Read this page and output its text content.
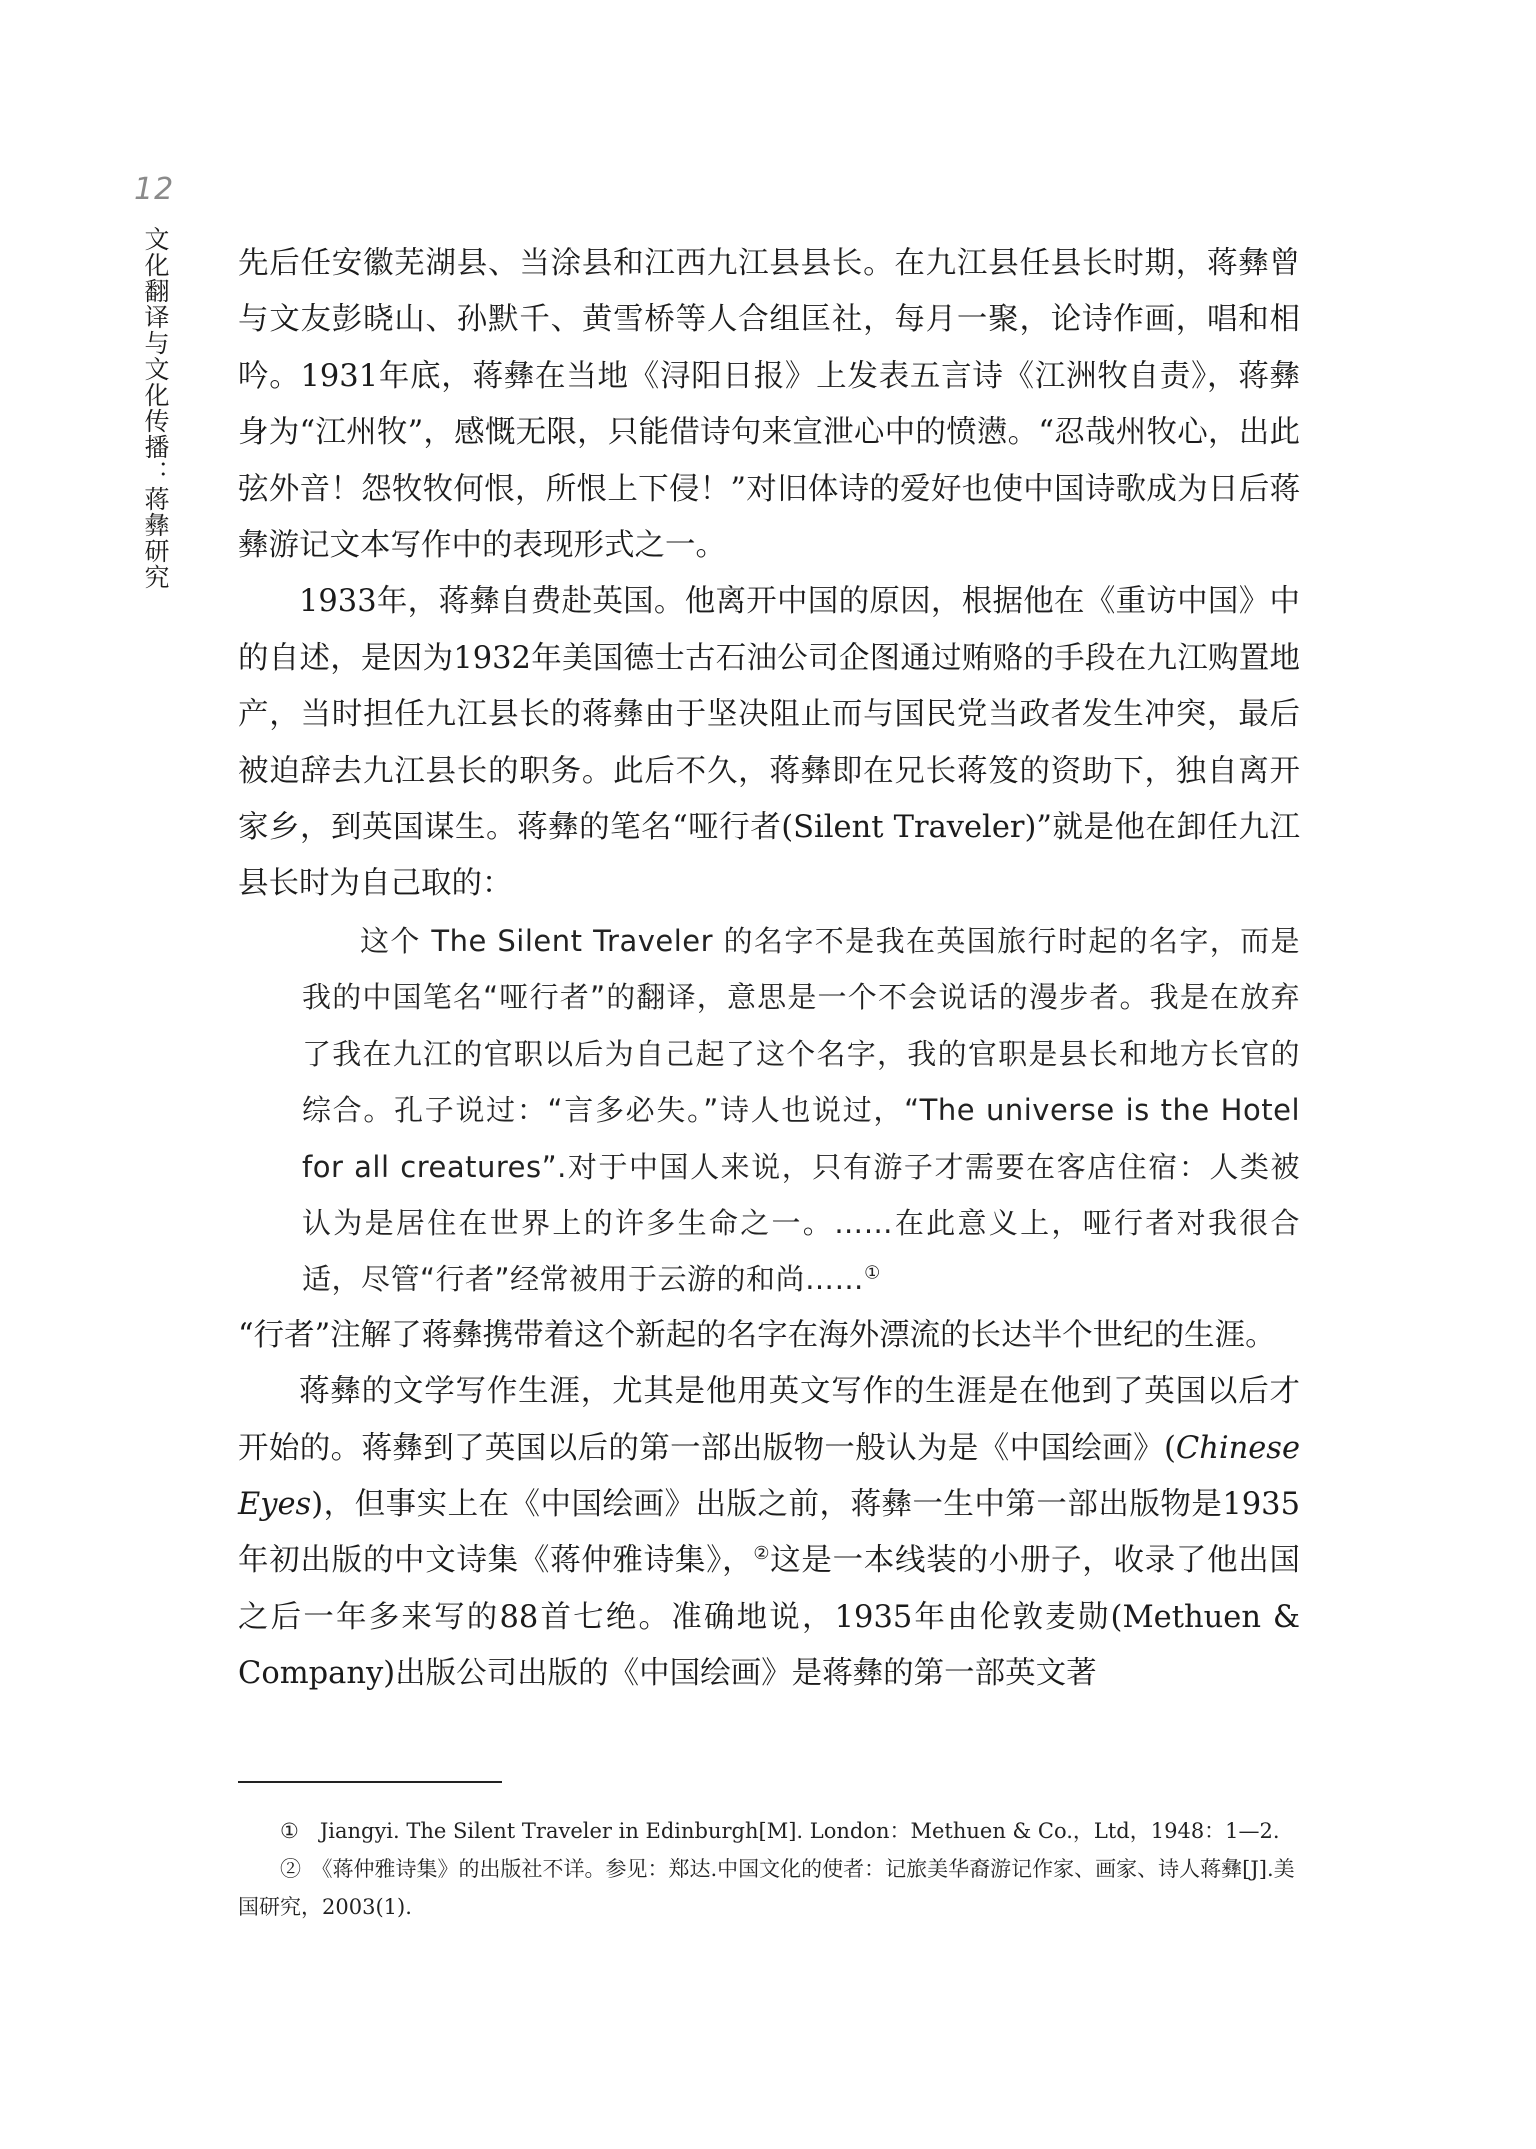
12
文化翻译与文化传播：蒋彝研究 先后任安徽芜湖县、当涂县和江西九江县县长。在九江县任县长时期，蒋彝曾与文友彭晓山、孙默千、黄雪桥等人合组匡社，每月一聚，论诗作画，唱和相吟。1931年底，蒋彝在当地《浔阳日报》上发表五言诗《江洲牧自责》，蒋彝身为“江州牧”，感慨无限，只能借诗句来宣泄心中的愤懑。“忍哉州牧心，出此弦外音！怨牧牧何恨，所恨上下侵！”对旧体诗的爱好也使中国诗歌成为日后蒋彝游记文本写作中的表现形式之一。

1933年，蒋彝自费赴英国。他离开中国的原因，根据他在《重访中国》中的自述，是因为1932年美国德士古石油公司企图通过贿赂的手段在九江购置地产，当时担任九江县长的蒋彝由于坚决阻止而与国民党当政者发生冲突，最后被迫辞去九江县长的职务。此后不久，蒋彝即在兄长蒋笈的资助下，独自离开家乡，到英国谋生。蒋彝的笔名“哑行者(Silent Traveler)”就是他在卸任九江县长时为自己取的：

这个 The Silent Traveler 的名字不是我在英国旅行时起的名字，而是我的中国笔名“哑行者”的翻译，意思是一个不会说话的漫步者。我是在放弃了我在九江的官职以后为自己起了这个名字，我的官职是县长和地方长官的综合。孔子说过：“言多必失。”诗人也说过，“The universe is the Hotel for all creatures”.对于中国人来说，只有游子才需要在客店住宿：人类被认为是居住在世界上的许多生命之一。……在此意义上，哑行者对我很合适，尽管“行者”经常被用于云游的和尚……①

“行者”注解了蒋彝携带着这个新起的名字在海外漂流的长达半个世纪的生涯。

蒋彝的文学写作生涯，尤其是他用英文写作的生涯是在他到了英国以后才开始的。蒋彝到了英国以后的第一部出版物一般认为是《中国绘画》(Chinese Eyes)，但事实上在《中国绘画》出版之前，蒋彝一生中第一部出版物是1935年初出版的中文诗集《蒋仲雅诗集》，②这是一本线装的小册子，收录了他出国之后一年多来写的88首七绝。准确地说，1935年由伦敦麦勋(Methuen & Company)出版公司出版的《中国绘画》是蒋彝的第一部英文著

①　Jiangyi. The Silent Traveler in Edinburgh[M]. London：Methuen & Co.，Ltd，1948：1—2.

②　《蒋仲雅诗集》的出版社不详。参见：郑达.中国文化的使者：记旅美华裔游记作家、画家、诗人蒋彝[J].美国研究，2003(1).
